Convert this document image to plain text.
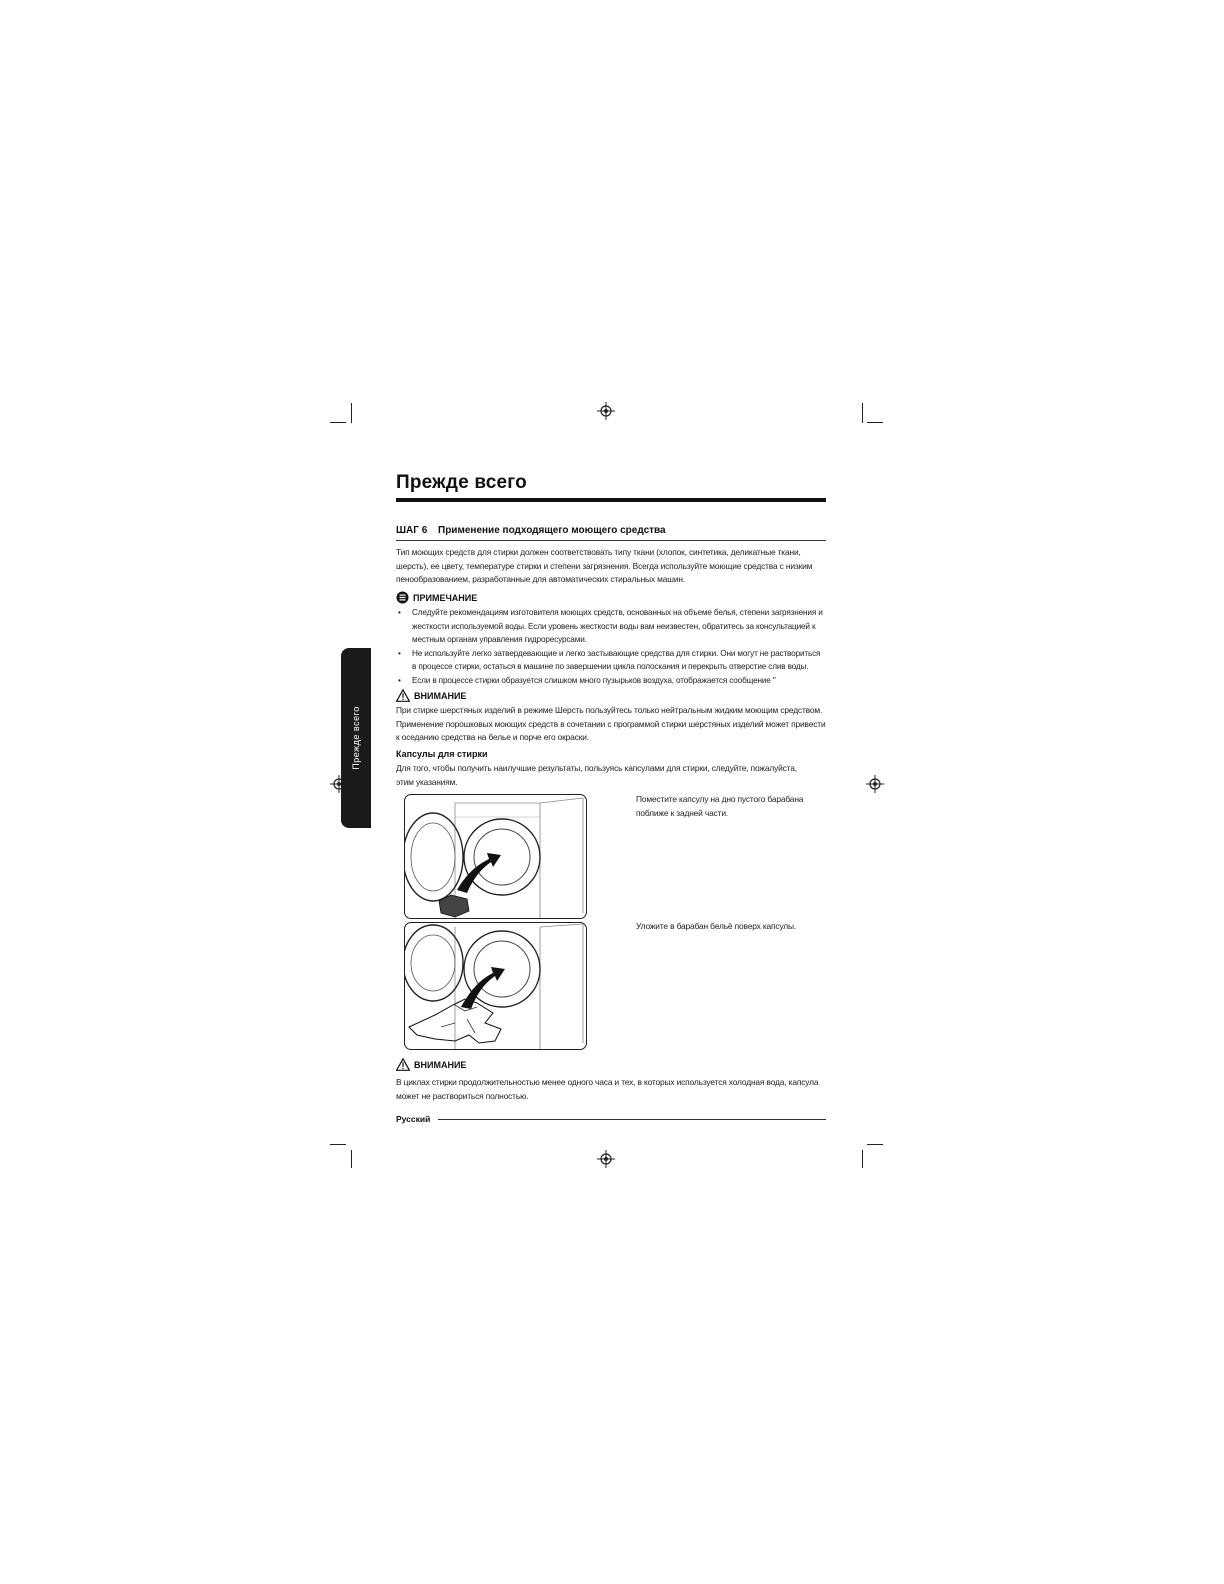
Прежде всего
Прежде всего
ШАГ 6 Применение подходящего моющего средства
Тип моющих средств для стирки должен соответствовать типу ткани (хлопок, синтетика, деликатные ткани, шерсть), ее цвету, температуре стирки и степени загрязнения. Всегда используйте моющие средства с низким пенообразованием, разработанные для автоматических стиральных машин.
ПРИМЕЧАНИЕ
• Следуйте рекомендациям изготовителя моющих средств, основанных на объеме белья, степени загрязнения и жесткости используемой воды. Если уровень жесткости воды вам неизвестен, обратитесь за консультацией к местным органам управления гидроресурсами.
• Не используйте легко затвердевающие и легко застывающие средства для стирки. Они могут не раствориться в процессе стирки, остаться в машине по завершении цикла полоскания и перекрыть отверстие слив воды.
• Если в процессе стирки образуется слишком много пузырьков воздуха, отображается сообщение "
ВНИМАНИЕ
При стирке шерстяных изделий в режиме Шерсть пользуйтесь только нейтральным жидким моющим средством. Применение порошковых моющих средств в сочетании с программой стирки шерстяных изделий может привести к оседанию средства на белье и порче его окраски.
Капсулы для стирки
Для того, чтобы получить наилучшие результаты, пользуясь капсулами для стирки, следуйте, пожалуйста, этим указаниям.
Поместите капсулу на дно пустого барабана поближе к задней части.
Уложите в барабан бельё поверх капсулы.
ВНИМАНИЕ
В циклах стирки продолжительностью менее одного часа и тех, в которых используется холодная вода, капсула может не раствориться полностью.
Русский
